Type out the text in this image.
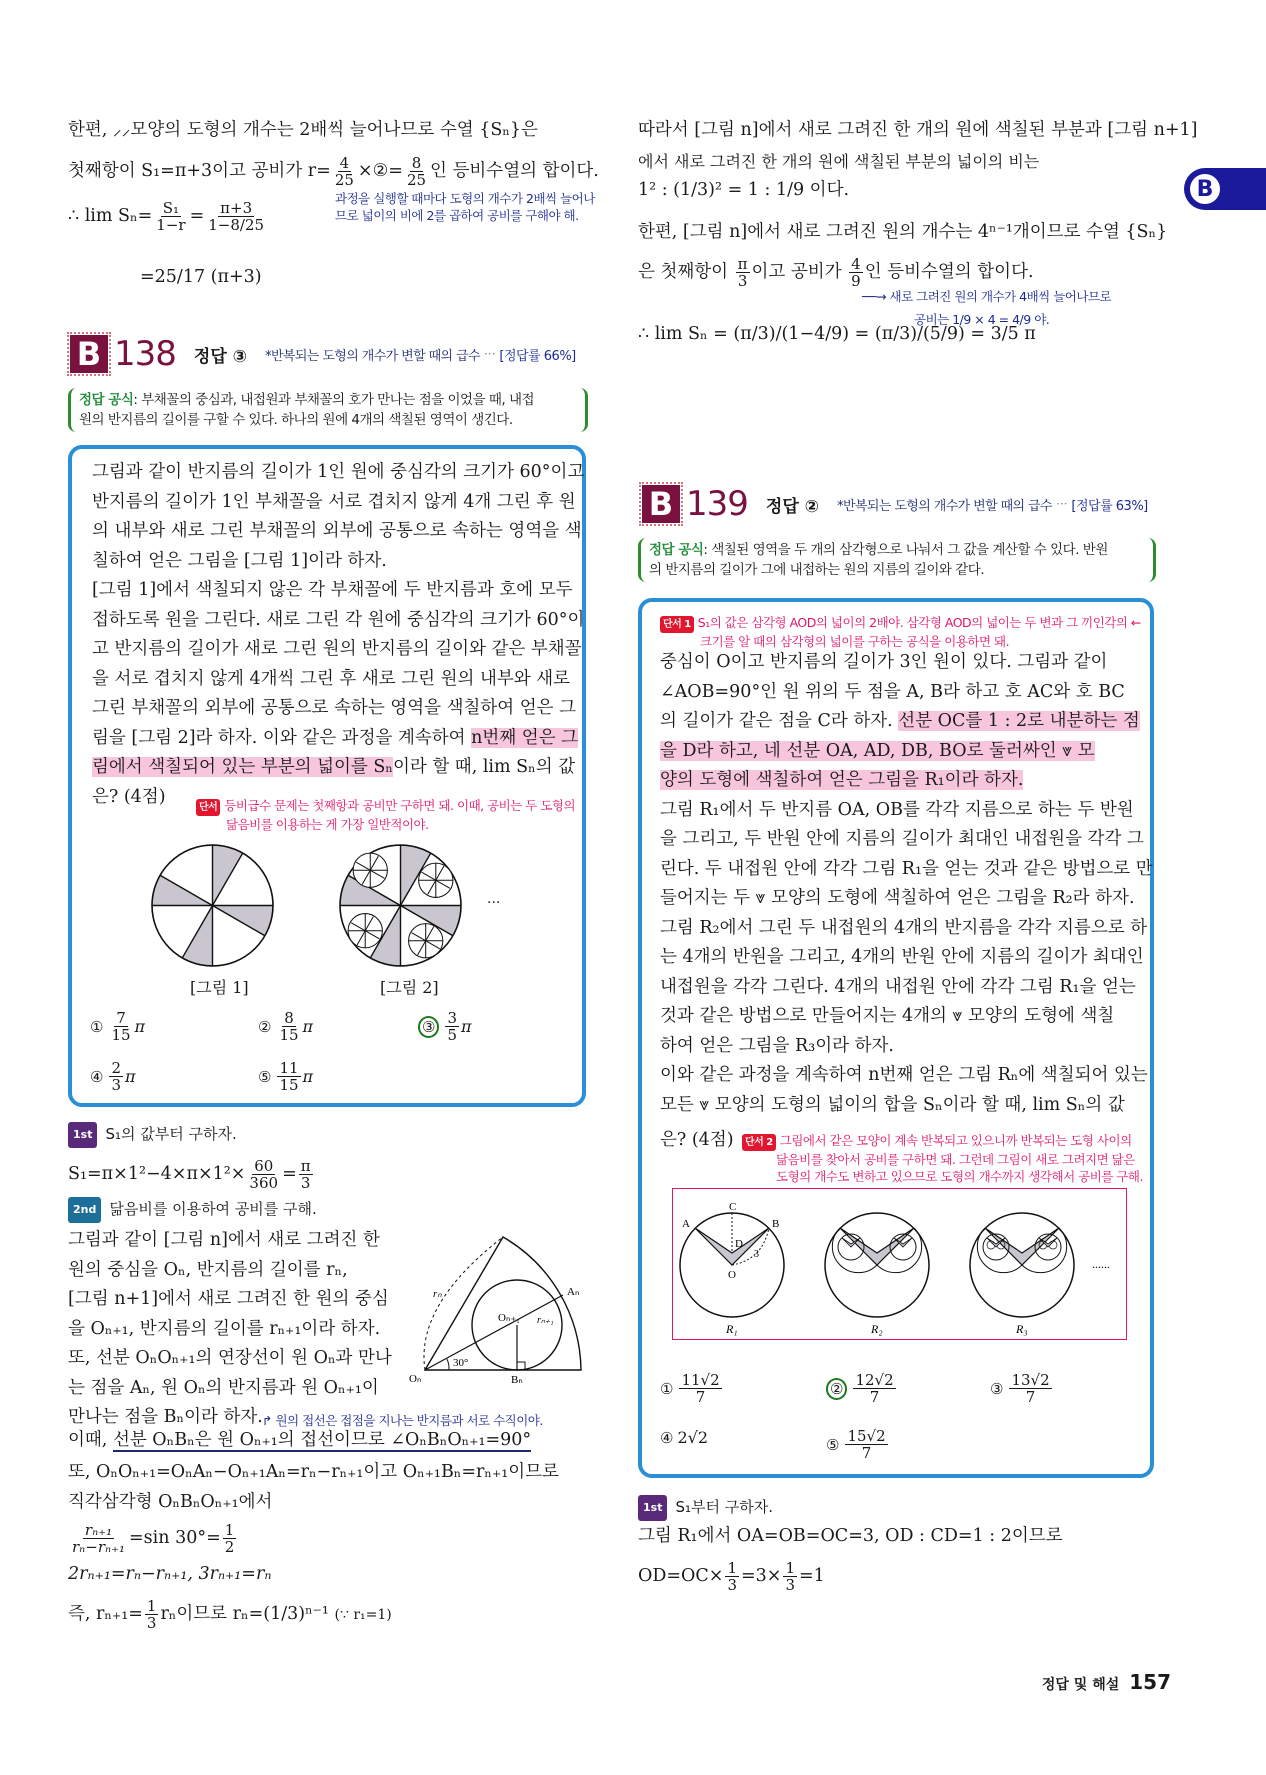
B
한편, ⸝⸝모양의 도형의 개수는 2배씩 늘어나므로 수열 {Sₙ}은
첫째항이 S₁=π+3이고 공비가 $r= \frac{4}{25}$ ×②= $\frac{8}{25}$ 인 등비수열의 합이다.
과정을 실행할 때마다 도형의 개수가 2배씩 늘어나
므로 넓이의 비에 2를 곱하여 공비를 구해야 해.
∴ $\lim S_n= \frac{\text{S₁}}{1-r} = \frac{\pi+3}{1-8/25}$
=25/17 (π+3)
B 138 정답 ③ *반복되는 도형의 개수가 변할 때의 급수 ··· [정답률 66%]
정답 공식: 부채꼴의 중심과, 내접원과 부채꼴의 호가 만나는 점을 이었을 때, 내접
원의 반지름의 길이를 구할 수 있다. 하나의 원에 4개의 색칠된 영역이 생긴다.
그림과 같이 반지름의 길이가 1인 원에 중심각의 크기가 60°이고
반지름의 길이가 1인 부채꼴을 서로 겹치지 않게 4개 그린 후 원
의 내부와 새로 그린 부채꼴의 외부에 공통으로 속하는 영역을 색
칠하여 얻은 그림을 [그림 1]이라 하자.
[그림 1]에서 색칠되지 않은 각 부채꼴에 두 반지름과 호에 모두
접하도록 원을 그린다. 새로 그린 각 원에 중심각의 크기가 60°이
고 반지름의 길이가 새로 그린 원의 반지름의 길이와 같은 부채꼴
을 서로 겹치지 않게 4개씩 그린 후 새로 그린 원의 내부와 새로
그린 부채꼴의 외부에 공통으로 속하는 영역을 색칠하여 얻은 그
림을 [그림 2]라 하자. 이와 같은 과정을 계속하여 n번째 얻은 그
림에서 색칠되어 있는 부분의 넓이를 Sₙ이라 할 때, lim Sₙ의 값
은? (4점)
단서 등비급수 문제는 첫째항과 공비만 구하면 돼. 이때, 공비는 두 도형의
닮음비를 이용하는 게 가장 일반적이야.
···
[그림 1]	[그림 2]
① $\frac{7}{15}$ π	② $\frac{8}{15}$ π	③ $\frac{3}{5}$ π
④ $\frac{2}{3}$ π	⑤ $\frac{11}{15}$ π
1st S₁의 값부터 구하자.
$S_1=\pi\times 1^2-4\times\pi\times 1^2\times \frac{60}{360} = \frac{\pi}{3}$
2nd 닮음비를 이용하여 공비를 구해.
그림과 같이 [그림 n]에서 새로 그려진 한
원의 중심을 Oₙ, 반지름의 길이를 rₙ,
[그림 n+1]에서 새로 그려진 한 원의 중심
을 Oₙ₊₁, 반지름의 길이를 rₙ₊₁이라 하자.
또, 선분 OₙOₙ₊₁의 연장선이 원 Oₙ과 만나
는 점을 Aₙ, 원 Oₙ의 반지름과 원 Oₙ₊₁이
만나는 점을 Bₙ이라 하자.
rₙ	Aₙ
Oₙ₊₁ rₙ₊₁
30°
Oₙ	Bₙ
↱ 원의 접선은 접점을 지나는 반지름과 서로 수직이야.
이때, 선분 OₙBₙ은 원 Oₙ₊₁의 접선이므로 ∠OₙBₙOₙ₊₁=90°
또, OₙOₙ₊₁=OₙAₙ−Oₙ₊₁Aₙ=rₙ−rₙ₊₁이고 Oₙ₊₁Bₙ=rₙ₊₁이므로
직각삼각형 OₙBₙOₙ₊₁에서
$\frac{\text{rₙ₊₁}}{\text{rₙ−rₙ₊₁}} =\sin$ $30^\circ= \frac{1}{2}$
2rₙ₊₁=rₙ−rₙ₊₁, 3rₙ₊₁=rₙ
즉, $r_{n+1}= \frac{1}{3}$ rₙ이므로 rₙ=(1/3)ⁿ⁻¹ (∵ r₁=1)
따라서 [그림 n]에서 새로 그려진 한 개의 원에 색칠된 부분과 [그림 n+1]
에서 새로 그려진 한 개의 원에 색칠된 부분의 넓이의 비는
1² : (1/3)² = 1 : 1/9 이다.
한편, [그림 n]에서 새로 그려진 원의 개수는 4ⁿ⁻¹개이므로 수열 {Sₙ}
은 첫째항이 $\frac{\pi}{3}$ 이고 공비가 $\frac{4}{9}$ 인 등비수열의 합이다.
──→ 새로 그려진 원의 개수가 4배씩 늘어나므로
공비는 1/9 × 4 = 4/9 야.
∴ lim Sₙ = (π/3)/(1−4/9) = (π/3)/(5/9) = 3/5 π
B 139 정답 ② *반복되는 도형의 개수가 변할 때의 급수 ··· [정답률 63%]
정답 공식: 색칠된 영역을 두 개의 삼각형으로 나눠서 그 값을 계산할 수 있다. 반원
의 반지름의 길이가 그에 내접하는 원의 지름의 길이와 같다.
단서 1 S₁의 값은 삼각형 AOD의 넓이의 2배야. 삼각형 AOD의 넓이는 두 변과 그 끼인각의 ←
크기를 알 때의 삼각형의 넓이를 구하는 공식을 이용하면 돼.
중심이 O이고 반지름의 길이가 3인 원이 있다. 그림과 같이
∠AOB=90°인 원 위의 두 점을 A, B라 하고 호 AC와 호 BC
의 길이가 같은 점을 C라 하자. 선분 OC를 1 : 2로 내분하는 점
을 D라 하고, 네 선분 OA, AD, DB, BO로 둘러싸인 ⩔ 모
양의 도형에 색칠하여 얻은 그림을 R₁이라 하자.
그림 R₁에서 두 반지름 OA, OB를 각각 지름으로 하는 두 반원
을 그리고, 두 반원 안에 지름의 길이가 최대인 내접원을 각각 그
린다. 두 내접원 안에 각각 그림 R₁을 얻는 것과 같은 방법으로 만
들어지는 두 ⩔ 모양의 도형에 색칠하여 얻은 그림을 R₂라 하자.
그림 R₂에서 그린 두 내접원의 4개의 반지름을 각각 지름으로 하
는 4개의 반원을 그리고, 4개의 반원 안에 지름의 길이가 최대인
내접원을 각각 그린다. 4개의 내접원 안에 각각 그림 R₁을 얻는
것과 같은 방법으로 만들어지는 4개의 ⩔ 모양의 도형에 색칠
하여 얻은 그림을 R₃이라 하자.
이와 같은 과정을 계속하여 n번째 얻은 그림 Rₙ에 색칠되어 있는
모든 ⩔ 모양의 도형의 넓이의 합을 Sₙ이라 할 때, lim Sₙ의 값
은? (4점)	단서 2 그림에서 같은 모양이 계속 반복되고 있으니까 반복되는 도형 사이의
닮음비를 찾아서 공비를 구하면 돼. 그런데 그림이 새로 그려지면 닮은
도형의 개수도 변하고 있으므로 도형의 개수까지 생각해서 공비를 구해.
C
A	B
D
O
3
R₁	R₂	R₃
......
① $\frac{11√2}{7}$	② $\frac{12√2}{7}$	③ $\frac{13√2}{7}$
④ 2√2	⑤ $\frac{15√2}{7}$
1st S₁부터 구하자.
그림 R₁에서 OA=OB=OC=3, OD : CD=1 : 2이므로
$OD=OC\times \frac{1}{3} =3\times \frac{1}{3} =1$
정답 및 해설 157
